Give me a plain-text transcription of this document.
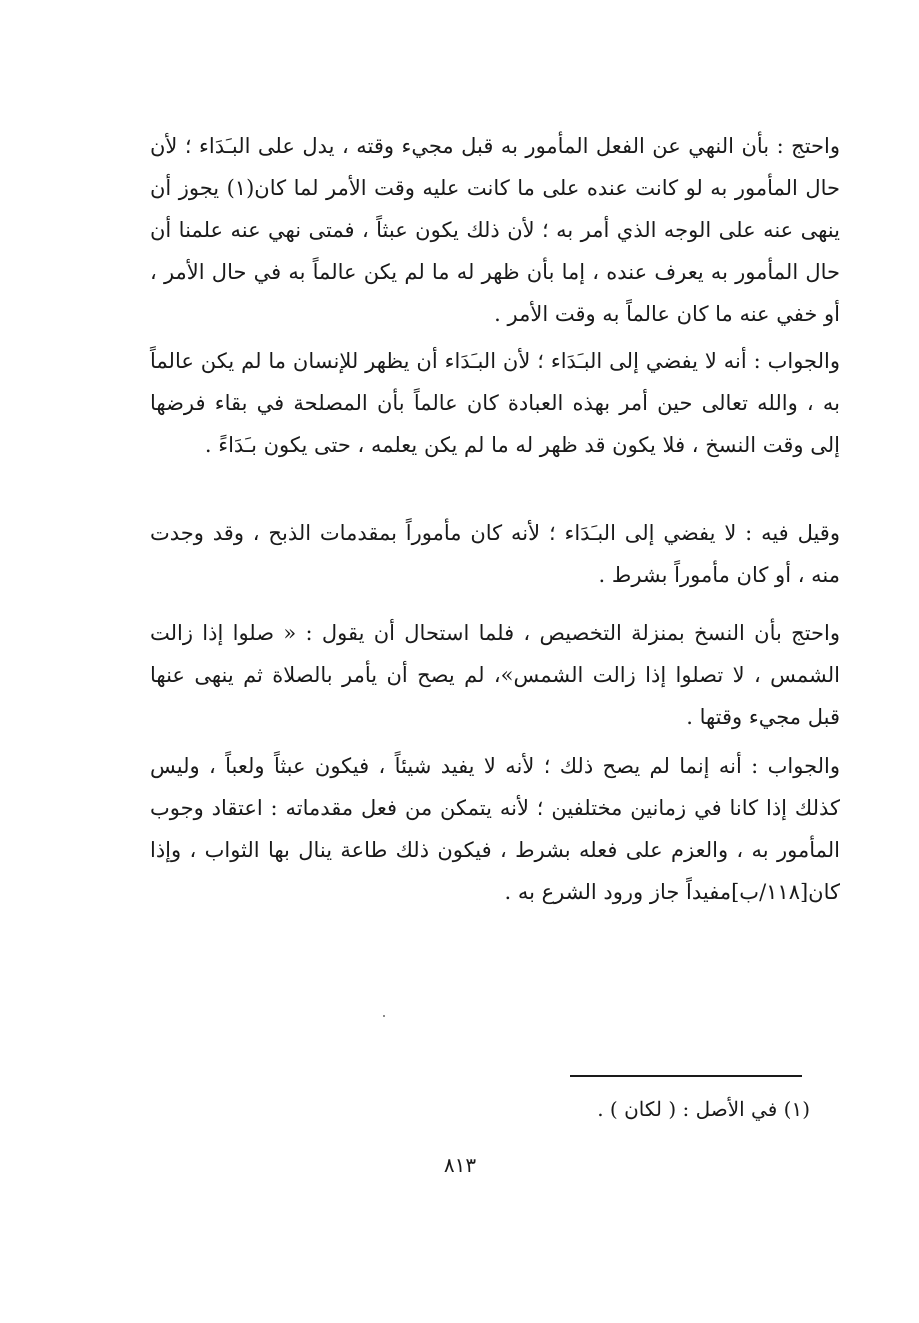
واحتج : بأن النهي عن الفعل المأمور به قبل مجيء وقته ، يدل على البـَدَاء ؛ لأن حال المأمور به لو كانت عنده على ما كانت عليه وقت الأمر لما كان(١) يجوز أن ينهى عنه على الوجه الذي أمر به ؛ لأن ذلك يكون عبثاً ، فمتى نهي عنه علمنا أن حال المأمور به يعرف عنده ، إما بأن ظهر له ما لم يكن عالماً به في حال الأمر ، أو خفي عنه ما كان عالماً به وقت الأمر .

والجواب : أنه لا يفضي إلى البـَدَاء ؛ لأن البـَدَاء أن يظهر للإنسان ما لم يكن عالماً به ، والله تعالى حين أمر بهذه العبادة كان عالماً بأن المصلحة في بقاء فرضها إلى وقت النسخ ، فلا يكون قد ظهر له ما لم يكن يعلمه ، حتى يكون بـَدَاءً .

وقيل فيه : لا يفضي إلى البـَدَاء ؛ لأنه كان مأموراً بمقدمات الذبح ، وقد وجدت منه ، أو كان مأموراً بشرط .

واحتج بأن النسخ بمنزلة التخصيص ، فلما استحال أن يقول : « صلوا إذا زالت الشمس ، لا تصلوا إذا زالت الشمس»، لم يصح أن يأمر بالصلاة ثم ينهى عنها قبل مجيء وقتها .

والجواب : أنه إنما لم يصح ذلك ؛ لأنه لا يفيد شيئاً ، فيكون عبثاً ولعباً ، وليس كذلك إذا كانا في زمانين مختلفين ؛ لأنه يتمكن من فعل مقدماته : اعتقاد وجوب المأمور به ، والعزم على فعله بشرط ، فيكون ذلك طاعة ينال بها الثواب ، وإذا كان[١١٨/ب]مفيداً جاز ورود الشرع به .

(١) في الأصل : ( لكان ) .
٨١٣
